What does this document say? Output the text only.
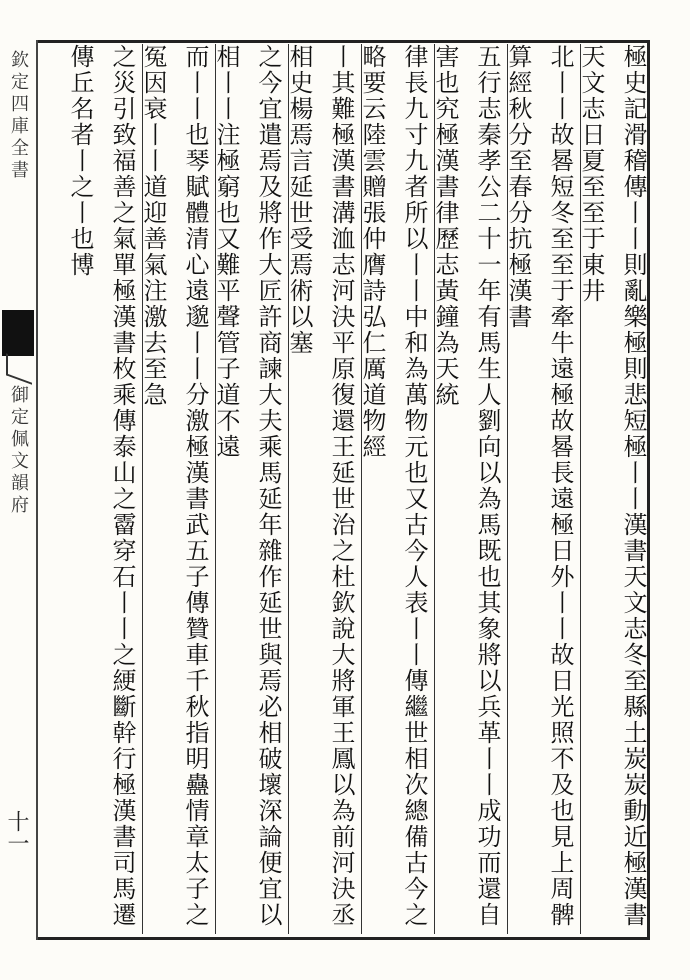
欽定四庫全書
御定佩文韻府
十一	極史記滑稽傳丨丨則亂樂極則悲短極丨丨漢書天文志冬至縣土炭炭動近極漢書天文志日夏至至于東井
北丨丨故晷短冬至至于牽牛遠極故晷長遠極日外丨丨故日光照不及也見上周髀算經秋分至春分抗極漢書
五行志秦孝公二十一年有馬生人劉向以為馬既也其象將以兵革丨丨成功而還自害也究極漢書律歷志黃鐘為天統
律長九寸九者所以丨丨中和為萬物元也又古今人表丨丨傳繼世相次總備古今之略要云陸雲贈張仲膺詩弘仁厲道物經
丨其難極漢書溝洫志河決平原復還王延世治之杜欽說大將軍王鳳以為前河決丞相史楊焉言延世受焉術以塞
之今宜遣焉及將作大匠許商諫大夫乘馬延年雜作延世與焉必相破壞深論便宜以相丨丨注極窮也又難平聲管子道不遠
而丨丨也琴賦體清心遠邈丨丨分激極漢書武五子傳贊車千秋指明蠱情章太子之冤因衰丨丨道迎善氣注激去至急
之災引致福善之氣單極漢書枚乘傳泰山之霤穿石丨丨之綆斷幹行極漢書司馬遷傳丘名者丨之丨也博
